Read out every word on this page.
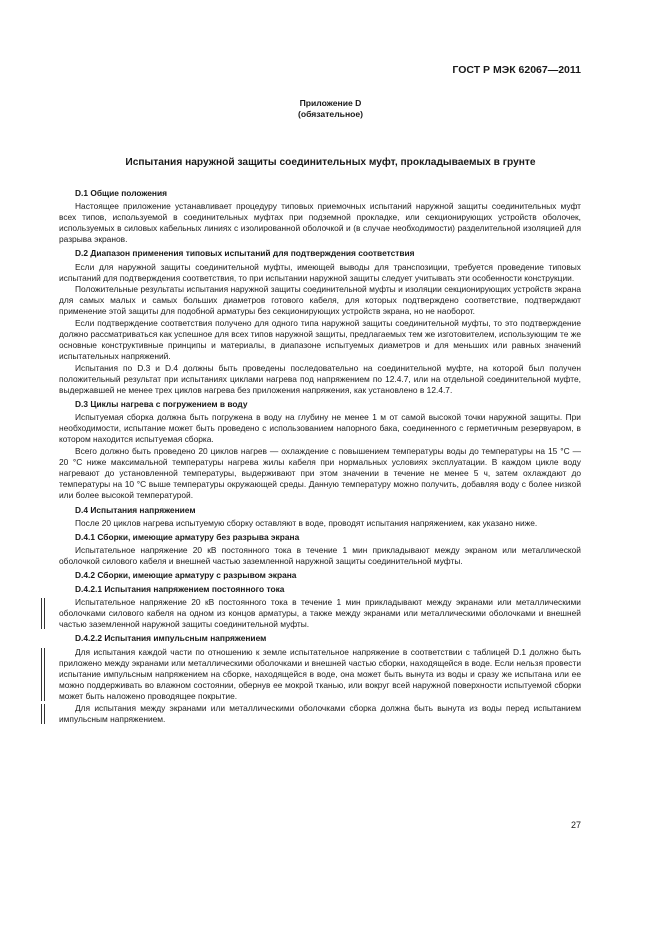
ГОСТ Р МЭК 62067—2011
Приложение D
(обязательное)
Испытания наружной защиты соединительных муфт, прокладываемых в грунте
D.1 Общие положения
Настоящее приложение устанавливает процедуру типовых приемочных испытаний наружной защиты соединительных муфт всех типов, используемой в соединительных муфтах при подземной прокладке, или секционирующих устройств оболочек, используемых в силовых кабельных линиях с изолированной оболочкой и (в случае необходимости) разделительной изоляцией для разрыва экранов.
D.2 Диапазон применения типовых испытаний для подтверждения соответствия
Если для наружной защиты соединительной муфты, имеющей выводы для транспозиции, требуется проведение типовых испытаний для подтверждения соответствия, то при испытании наружной защиты следует учитывать эти особенности конструкции.
Положительные результаты испытания наружной защиты соединительной муфты и изоляции секционирующих устройств экрана для самых малых и самых больших диаметров готового кабеля, для которых подтверждено соответствие, подтверждают применение этой защиты для подобной арматуры без секционирующих устройств экрана, но не наоборот.
Если подтверждение соответствия получено для одного типа наружной защиты соединительной муфты, то это подтверждение должно рассматриваться как успешное для всех типов наружной защиты, предлагаемых тем же изготовителем, использующим те же основные конструктивные принципы и материалы, в диапазоне испытуемых диаметров и для меньших или равных значений испытательных напряжений.
Испытания по D.3 и D.4 должны быть проведены последовательно на соединительной муфте, на которой был получен положительный результат при испытаниях циклами нагрева под напряжением по 12.4.7, или на отдельной соединительной муфте, выдержавшей не менее трех циклов нагрева без приложения напряжения, как установлено в 12.4.7.
D.3 Циклы нагрева с погружением в воду
Испытуемая сборка должна быть погружена в воду на глубину не менее 1 м от самой высокой точки наружной защиты. При необходимости, испытание может быть проведено с использованием напорного бака, соединенного с герметичным резервуаром, в котором находится испытуемая сборка.
Всего должно быть проведено 20 циклов нагрев — охлаждение с повышением температуры воды до температуры на 15 °С — 20 °С ниже максимальной температуры нагрева жилы кабеля при нормальных условиях эксплуатации. В каждом цикле воду нагревают до установленной температуры, выдерживают при этом значении в течение не менее 5 ч, затем охлаждают до температуры на 10 °С выше температуры окружающей среды. Данную температуру можно получить, добавляя воду с более низкой или более высокой температурой.
D.4 Испытания напряжением
После 20 циклов нагрева испытуемую сборку оставляют в воде, проводят испытания напряжением, как указано ниже.
D.4.1 Сборки, имеющие арматуру без разрыва экрана
Испытательное напряжение 20 кВ постоянного тока в течение 1 мин прикладывают между экраном или металлической оболочкой силового кабеля и внешней частью заземленной наружной защиты соединительной муфты.
D.4.2 Сборки, имеющие арматуру с разрывом экрана
D.4.2.1 Испытания напряжением постоянного тока
Испытательное напряжение 20 кВ постоянного тока в течение 1 мин прикладывают между экранами или металлическими оболочками силового кабеля на одном из концов арматуры, а также между экранами или металлическими оболочками и внешней частью заземленной наружной защиты соединительной муфты.
D.4.2.2 Испытания импульсным напряжением
Для испытания каждой части по отношению к земле испытательное напряжение в соответствии с таблицей D.1 должно быть приложено между экранами или металлическими оболочками и внешней частью сборки, находящейся в воде. Если нельзя провести испытание импульсным напряжением на сборке, находящейся в воде, она может быть вынута из воды и сразу же испытана или ее можно поддерживать во влажном состоянии, обернув ее мокрой тканью, или вокруг всей наружной поверхности испытуемой сборки может быть наложено проводящее покрытие.
Для испытания между экранами или металлическими оболочками сборка должна быть вынута из воды перед испытанием импульсным напряжением.
27
